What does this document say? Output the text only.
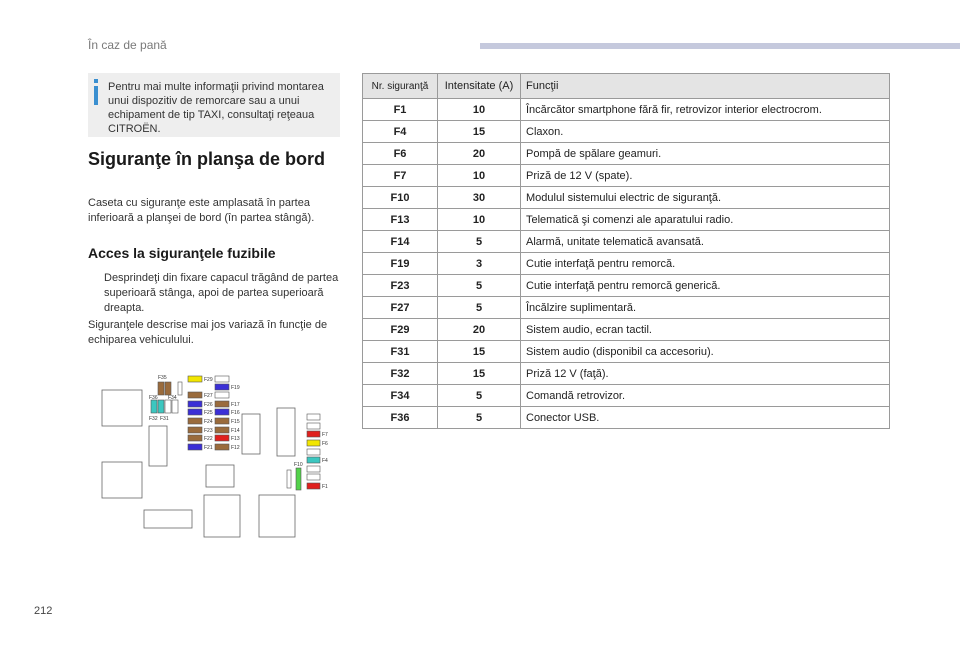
În caz de pană
Pentru mai multe informaţii privind montarea unui dispozitiv de remorcare sau a unui echipament de tip TAXI, consultaţi reţeaua CITROËN.
Siguranţe în planşa de bord
Caseta cu siguranţe este amplasată în partea inferioară a planşei de bord (în partea stângă).
Acces la siguranţele fuzibile
Desprindeţi din fixare capacul trăgând de partea superioară stânga, apoi de partea superioară dreapta.
Siguranţele descrise mai jos variază în funcţie de echiparea vehiculului.
Nr. siguranţă	Intensitate (A)	Funcţii
F1	10	Încărcător smartphone fără fir, retrovizor interior electrocrom.
F4	15	Claxon.
F6	20	Pompă de spălare geamuri.
F7	10	Priză de 12 V (spate).
F10	30	Modulul sistemului electric de siguranţă.
F13	10	Telematică şi comenzi ale aparatului radio.
F14	5	Alarmă, unitate telematică avansată.
F19	3	Cutie interfaţă pentru remorcă.
F23	5	Cutie interfaţă pentru remorcă generică.
F27	5	Încălzire suplimentară.
F29	20	Sistem audio, ecran tactil.
F31	15	Sistem audio (disponibil ca accesoriu).
F32	15	Priză 12 V (faţă).
F34	5	Comandă retrovizor.
F36	5	Conector USB.
F35
F36 F34
F32 F31
F29
F27
F26
F25
F24
F23
F22
F21
F19
F17
F16
F15
F14
F13
F12
F10
F7
F6
F4
F1
212
